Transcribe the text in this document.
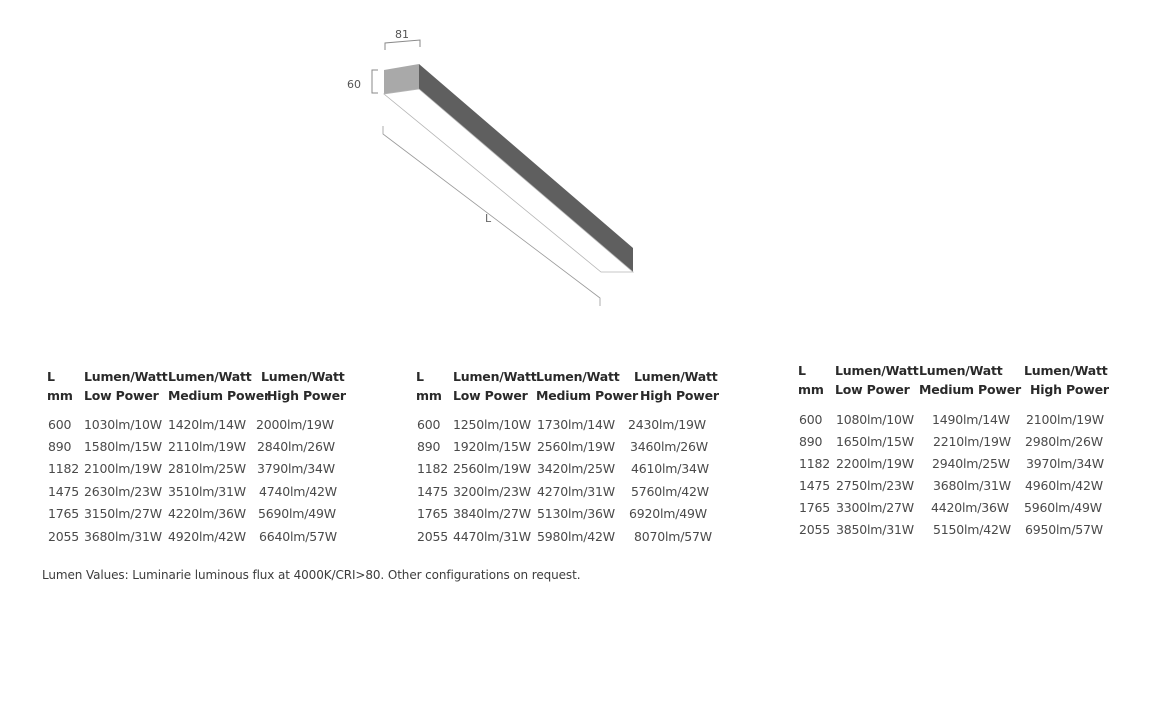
81
60
L
L
mm
Lumen/Watt
Low Power
Lumen/Watt
Medium Power
Lumen/Watt
High Power
600 1030lm/10W 1420lm/14W 2000lm/19W
890 1580lm/15W 2110lm/19W 2840lm/26W
1182 2100lm/19W 2810lm/25W 3790lm/34W
1475 2630lm/23W 3510lm/31W 4740lm/42W
1765 3150lm/27W 4220lm/36W 5690lm/49W
2055 3680lm/31W 4920lm/42W 6640lm/57W
L
mm
Lumen/Watt
Low Power
Lumen/Watt
Medium Power
Lumen/Watt
High Power
600 1250lm/10W 1730lm/14W 2430lm/19W
890 1920lm/15W 2560lm/19W 3460lm/26W
1182 2560lm/19W 3420lm/25W 4610lm/34W
1475 3200lm/23W 4270lm/31W 5760lm/42W
1765 3840lm/27W 5130lm/36W 6920lm/49W
2055 4470lm/31W 5980lm/42W 8070lm/57W
L
mm
Lumen/Watt
Low Power
Lumen/Watt
Medium Power
Lumen/Watt
High Power
600 1080lm/10W 1490lm/14W 2100lm/19W
890 1650lm/15W 2210lm/19W 2980lm/26W
1182 2200lm/19W 2940lm/25W 3970lm/34W
1475 2750lm/23W 3680lm/31W 4960lm/42W
1765 3300lm/27W 4420lm/36W 5960lm/49W
2055 3850lm/31W 5150lm/42W 6950lm/57W
Lumen Values: Luminarie luminous flux at 4000K/CRI>80. Other configurations on request.
